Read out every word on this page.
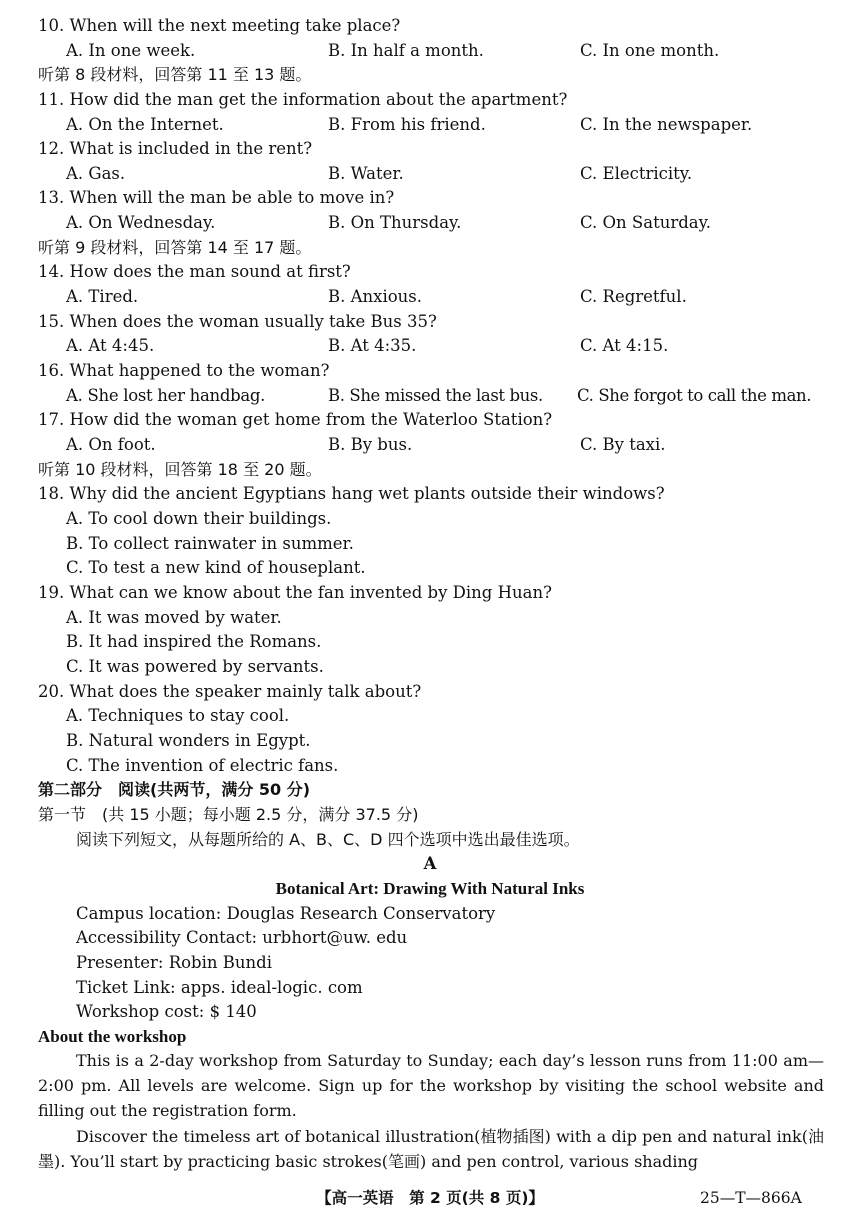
10. When will the next meeting take place?
A. In one week.	B. In half a month.	C. In one month.
听第 8 段材料，回答第 11 至 13 题。
11. How did the man get the information about the apartment?
A. On the Internet.	B. From his friend.	C. In the newspaper.
12. What is included in the rent?
A. Gas.	B. Water.	C. Electricity.
13. When will the man be able to move in?
A. On Wednesday.	B. On Thursday.	C. On Saturday.
听第 9 段材料，回答第 14 至 17 题。
14. How does the man sound at first?
A. Tired.	B. Anxious.	C. Regretful.
15. When does the woman usually take Bus 35?
A. At 4:45.	B. At 4:35.	C. At 4:15.
16. What happened to the woman?
A. She lost her handbag.	B. She missed the last bus. C. She forgot to call the man.
17. How did the woman get home from the Waterloo Station?
A. On foot.	B. By bus.	C. By taxi.
听第 10 段材料，回答第 18 至 20 题。
18. Why did the ancient Egyptians hang wet plants outside their windows?
A. To cool down their buildings.
B. To collect rainwater in summer.
C. To test a new kind of houseplant.
19. What can we know about the fan invented by Ding Huan?
A. It was moved by water.
B. It had inspired the Romans.
C. It was powered by servants.
20. What does the speaker mainly talk about?
A. Techniques to stay cool.
B. Natural wonders in Egypt.
C. The invention of electric fans.
第二部分　阅读(共两节，满分 50 分)
第一节　(共 15 小题；每小题 2.5 分，满分 37.5 分)
阅读下列短文，从每题所给的 A、B、C、D 四个选项中选出最佳选项。
A
Botanical Art: Drawing With Natural Inks
Campus location: Douglas Research Conservatory
Accessibility Contact: urbhort@uw. edu
Presenter: Robin Bundi
Ticket Link: apps. ideal-logic. com
Workshop cost: $ 140
About the workshop
This is a 2-day workshop from Saturday to Sunday; each day’s lesson runs from 11:00 am—2:00 pm. All levels are welcome. Sign up for the workshop by visiting the school website and filling out the registration form.
Discover the timeless art of botanical illustration(植物插图) with a dip pen and natural ink(油墨). You’ll start by practicing basic strokes(笔画) and pen control, various shading
【高一英语　第 2 页(共 8 页)】	25—T—866A
